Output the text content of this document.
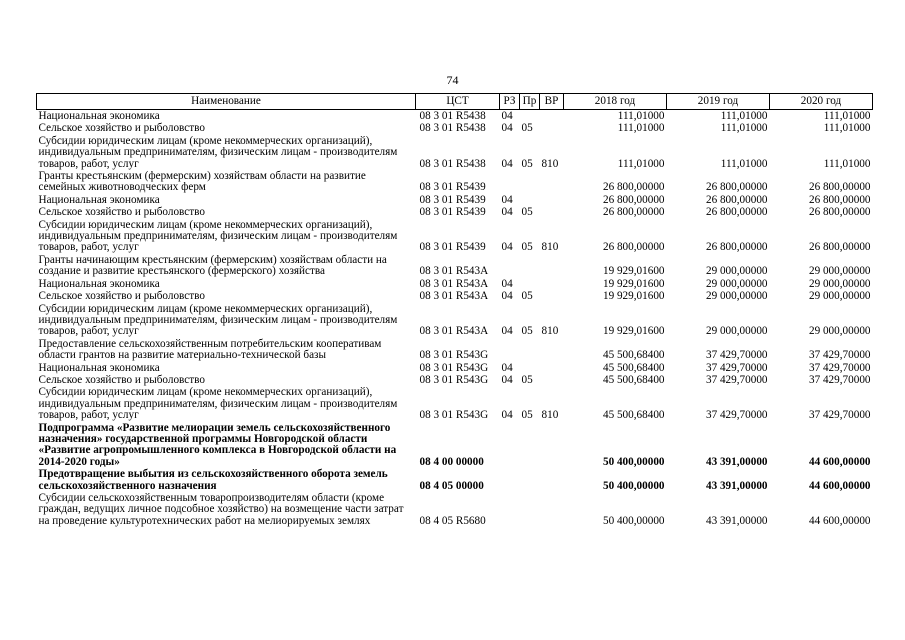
74
Наименование	ЦСТ	РЗ	Пр	ВР	2018 год	2019 год	2020 год
Национальная экономика	08 3 01 R5438	04			111,01000	111,01000	111,01000
Сельское хозяйство и рыболовство	08 3 01 R5438	04	05		111,01000	111,01000	111,01000
Субсидии юридическим лицам (кроме некоммерческих организаций), индивидуальным предпринимателям, физическим лицам - производителям товаров, работ, услуг	08 3 01 R5438	04	05	810	111,01000	111,01000	111,01000
Гранты крестьянским (фермерским) хозяйствам области на развитие семейных животноводческих ферм	08 3 01 R5439				26 800,00000	26 800,00000	26 800,00000
Национальная экономика	08 3 01 R5439	04			26 800,00000	26 800,00000	26 800,00000
Сельское хозяйство и рыболовство	08 3 01 R5439	04	05		26 800,00000	26 800,00000	26 800,00000
Субсидии юридическим лицам (кроме некоммерческих организаций), индивидуальным предпринимателям, физическим лицам - производителям товаров, работ, услуг	08 3 01 R5439	04	05	810	26 800,00000	26 800,00000	26 800,00000
Гранты начинающим крестьянским (фермерским) хозяйствам области на создание и развитие крестьянского (фермерского) хозяйства	08 3 01 R543A				19 929,01600	29 000,00000	29 000,00000
Национальная экономика	08 3 01 R543A	04			19 929,01600	29 000,00000	29 000,00000
Сельское хозяйство и рыболовство	08 3 01 R543A	04	05		19 929,01600	29 000,00000	29 000,00000
Субсидии юридическим лицам (кроме некоммерческих организаций), индивидуальным предпринимателям, физическим лицам - производителям товаров, работ, услуг	08 3 01 R543A	04	05	810	19 929,01600	29 000,00000	29 000,00000
Предоставление сельскохозяйственным потребительским кооперативам области грантов на развитие материально-технической базы	08 3 01 R543G				45 500,68400	37 429,70000	37 429,70000
Национальная экономика	08 3 01 R543G	04			45 500,68400	37 429,70000	37 429,70000
Сельское хозяйство и рыболовство	08 3 01 R543G	04	05		45 500,68400	37 429,70000	37 429,70000
Субсидии юридическим лицам (кроме некоммерческих организаций), индивидуальным предпринимателям, физическим лицам - производителям товаров, работ, услуг	08 3 01 R543G	04	05	810	45 500,68400	37 429,70000	37 429,70000
Подпрограмма «Развитие мелиорации земель сельскохозяйственного назначения» государственной программы Новгородской области «Развитие агропромышленного комплекса в Новгородской области на 2014-2020 годы»	08 4 00 00000				50 400,00000	43 391,00000	44 600,00000
Предотвращение выбытия из сельскохозяйственного оборота земель сельскохозяйственного назначения	08 4 05 00000				50 400,00000	43 391,00000	44 600,00000
Субсидии сельскохозяйственным товаропроизводителям области (кроме граждан, ведущих личное подсобное хозяйство) на возмещение части затрат на проведение культуротехнических работ на мелиорируемых землях	08 4 05 R5680				50 400,00000	43 391,00000	44 600,00000
